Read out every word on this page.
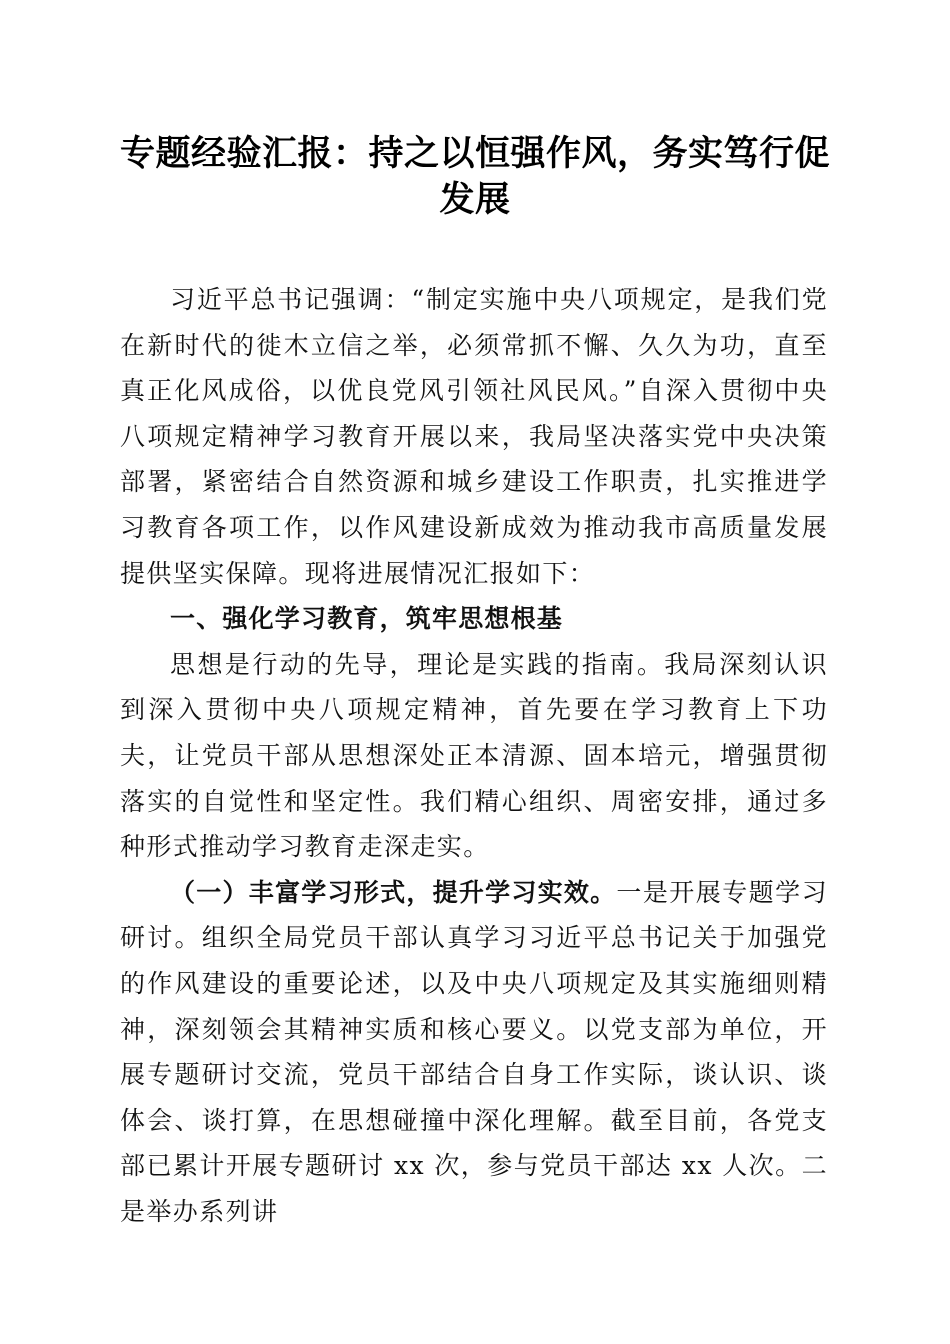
专题经验汇报：持之以恒强作风，务实笃行促发展

习近平总书记强调：“制定实施中央八项规定，是我们党在新时代的徙木立信之举，必须常抓不懈、久久为功，直至真正化风成俗，以优良党风引领社风民风。”自深入贯彻中央八项规定精神学习教育开展以来，我局坚决落实党中央决策部署，紧密结合自然资源和城乡建设工作职责，扎实推进学习教育各项工作，以作风建设新成效为推动我市高质量发展提供坚实保障。现将进展情况汇报如下：

一、强化学习教育，筑牢思想根基

思想是行动的先导，理论是实践的指南。我局深刻认识到深入贯彻中央八项规定精神，首先要在学习教育上下功夫，让党员干部从思想深处正本清源、固本培元，增强贯彻落实的自觉性和坚定性。我们精心组织、周密安排，通过多种形式推动学习教育走深走实。

（一）丰富学习形式，提升学习实效。一是开展专题学习研讨。组织全局党员干部认真学习习近平总书记关于加强党的作风建设的重要论述，以及中央八项规定及其实施细则精神，深刻领会其精神实质和核心要义。以党支部为单位，开展专题研讨交流，党员干部结合自身工作实际，谈认识、谈体会、谈打算，在思想碰撞中深化理解。截至目前，各党支部已累计开展专题研讨 xx 次，参与党员干部达 xx 人次。二是举办系列讲
